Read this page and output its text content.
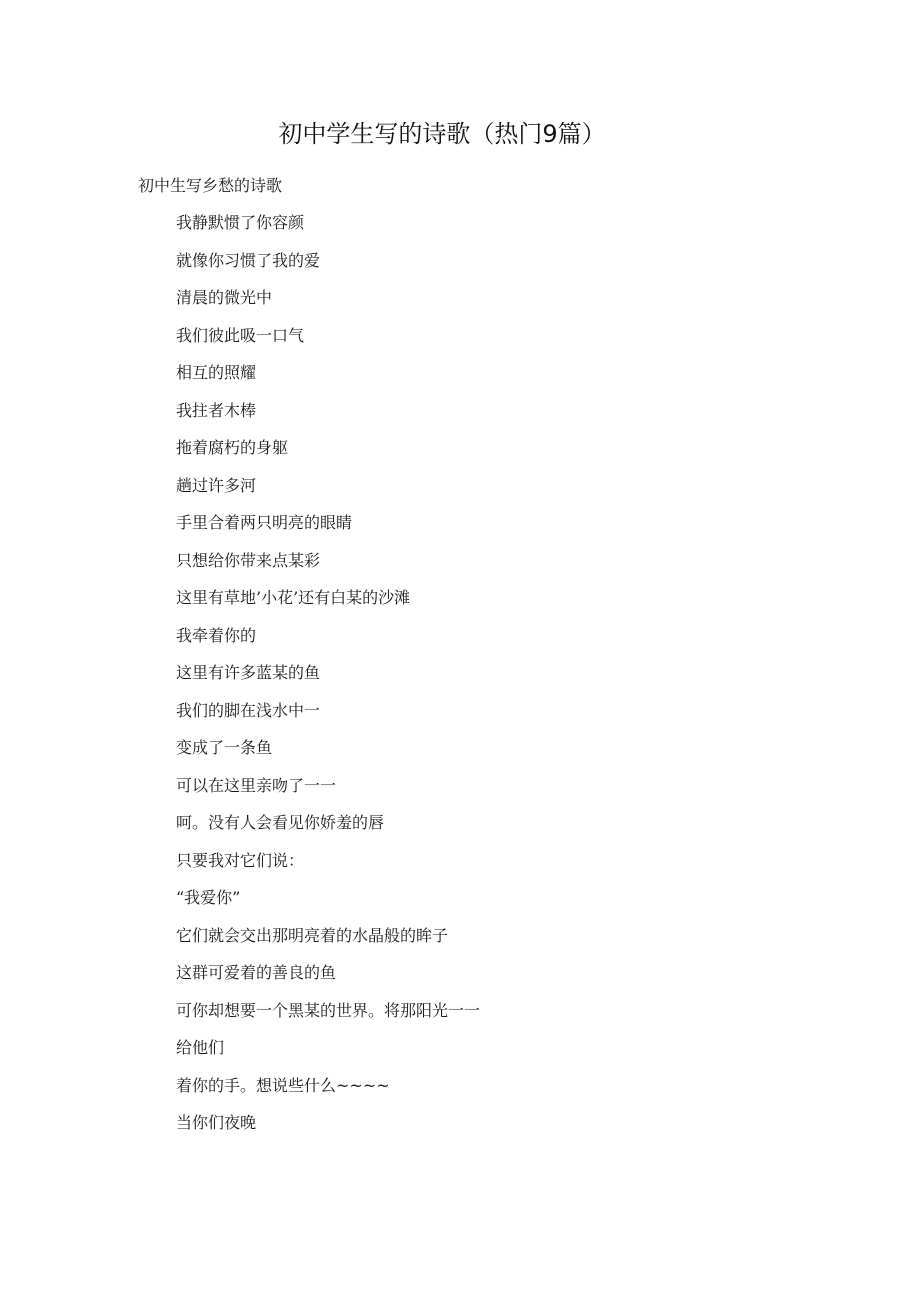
初中学生写的诗歌（热门9篇）
初中生写乡愁的诗歌
我静默惯了你容颜
就像你习惯了我的爱
清晨的微光中
我们彼此吸一口气
相互的照耀
我拄者木棒
拖着腐朽的身躯
趟过许多河
手里合着两只明亮的眼睛
只想给你带来点某彩
这里有草地’小花’还有白某的沙滩
我牵着你的
这里有许多蓝某的鱼
我们的脚在浅水中一
变成了一条鱼
可以在这里亲吻了一一
呵。没有人会看见你娇羞的唇
只要我对它们说：
“我爱你”
它们就会交出那明亮着的水晶般的眸子
这群可爱着的善良的鱼
可你却想要一个黑某的世界。将那阳光一一
给他们
着你的手。想说些什么~~~~
当你们夜晚
